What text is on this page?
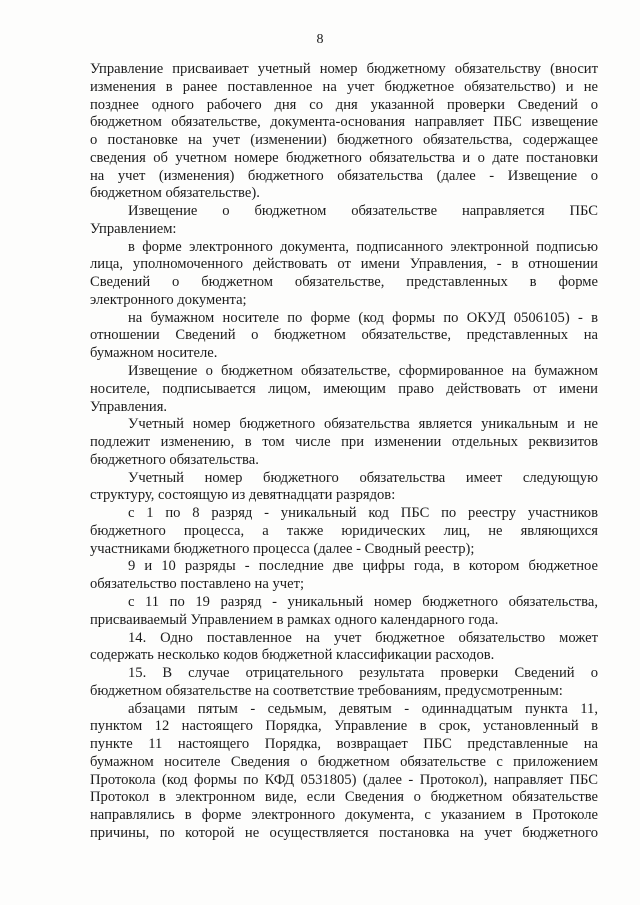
8
Управление присваивает учетный номер бюджетному обязательству (вносит
изменения в ранее поставленное на учет бюджетное обязательство) и не
позднее одного рабочего дня со дня указанной проверки Сведений о
бюджетном обязательстве, документа-основания направляет ПБС извещение
о постановке на учет (изменении) бюджетного обязательства, содержащее
сведения об учетном номере бюджетного обязательства и о дате постановки
на учет (изменения) бюджетного обязательства (далее - Извещение о
бюджетном обязательстве).
Извещение о бюджетном обязательстве направляется ПБС
Управлением:
в форме электронного документа, подписанного электронной подписью
лица, уполномоченного действовать от имени Управления, - в отношении
Сведений о бюджетном обязательстве, представленных в форме
электронного документа;
на бумажном носителе по форме (код формы по ОКУД 0506105) - в
отношении Сведений о бюджетном обязательстве, представленных на
бумажном носителе.
Извещение о бюджетном обязательстве, сформированное на бумажном
носителе, подписывается лицом, имеющим право действовать от имени
Управления.
Учетный номер бюджетного обязательства является уникальным и не
подлежит изменению, в том числе при изменении отдельных реквизитов
бюджетного обязательства.
Учетный номер бюджетного обязательства имеет следующую
структуру, состоящую из девятнадцати разрядов:
с 1 по 8 разряд - уникальный код ПБС по реестру участников
бюджетного процесса, а также юридических лиц, не являющихся
участниками бюджетного процесса (далее - Сводный реестр);
9 и 10 разряды - последние две цифры года, в котором бюджетное
обязательство поставлено на учет;
с 11 по 19 разряд - уникальный номер бюджетного обязательства,
присваиваемый Управлением в рамках одного календарного года.
14. Одно поставленное на учет бюджетное обязательство может
содержать несколько кодов бюджетной классификации расходов.
15. В случае отрицательного результата проверки Сведений о
бюджетном обязательстве на соответствие требованиям, предусмотренным:
абзацами пятым - седьмым, девятым - одиннадцатым пункта 11,
пунктом 12 настоящего Порядка, Управление в срок, установленный в
пункте 11 настоящего Порядка, возвращает ПБС представленные на
бумажном носителе Сведения о бюджетном обязательстве с приложением
Протокола (код формы по КФД 0531805) (далее - Протокол), направляет ПБС
Протокол в электронном виде, если Сведения о бюджетном обязательстве
направлялись в форме электронного документа, с указанием в Протоколе
причины, по которой не осуществляется постановка на учет бюджетного
